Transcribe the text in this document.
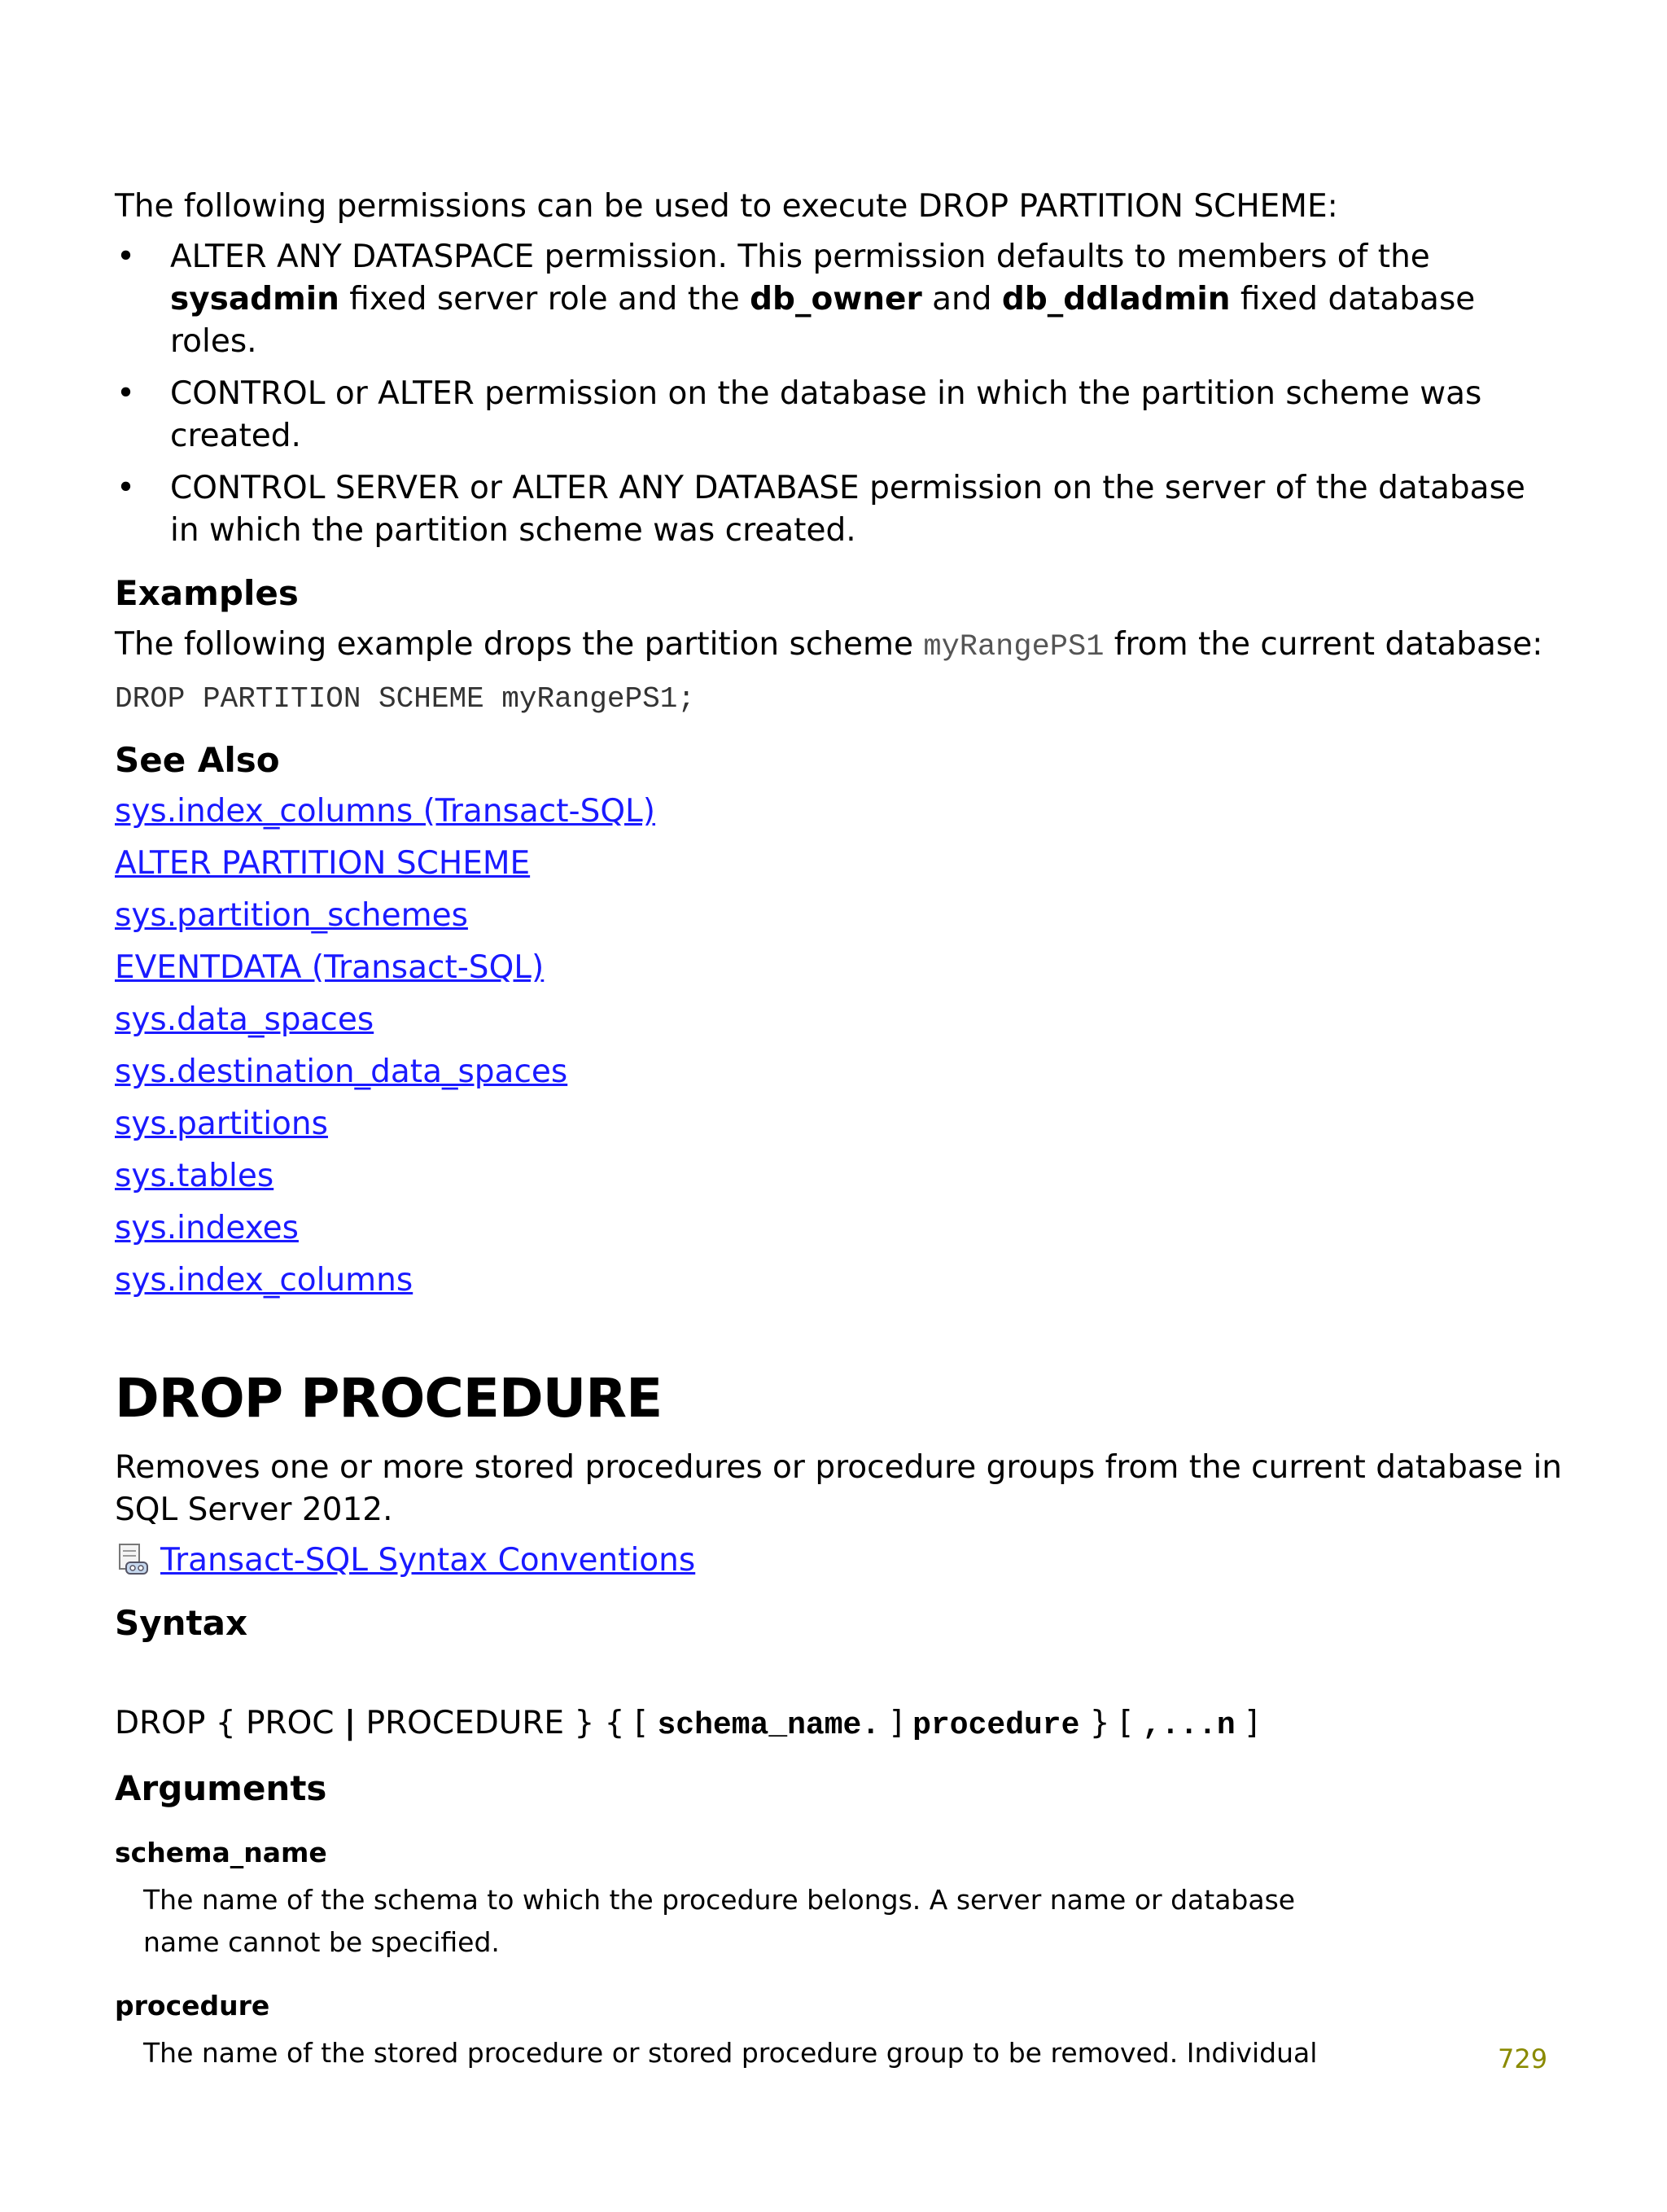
The following permissions can be used to execute DROP PARTITION SCHEME:

• ALTER ANY DATASPACE permission. This permission defaults to members of the sysadmin fixed server role and the db_owner and db_ddladmin fixed database roles.
• CONTROL or ALTER permission on the database in which the partition scheme was created.
• CONTROL SERVER or ALTER ANY DATABASE permission on the server of the database in which the partition scheme was created.
Examples

The following example drops the partition scheme myRangePS1 from the current database:

DROP PARTITION SCHEME myRangePS1;
See Also
sys.index_columns (Transact-SQL)
ALTER PARTITION SCHEME
sys.partition_schemes
EVENTDATA (Transact-SQL)
sys.data_spaces
sys.destination_data_spaces
sys.partitions
sys.tables
sys.indexes
sys.index_columns
DROP PROCEDURE

Removes one or more stored procedures or procedure groups from the current database in SQL Server 2012.

Transact-SQL Syntax Conventions
Syntax
DROP { PROC | PROCEDURE } { [ schema_name. ] procedure } [ ,...n ]
Arguments
schema_name

The name of the schema to which the procedure belongs. A server name or database name cannot be specified.

procedure

The name of the stored procedure or stored procedure group to be removed. Individual	729
